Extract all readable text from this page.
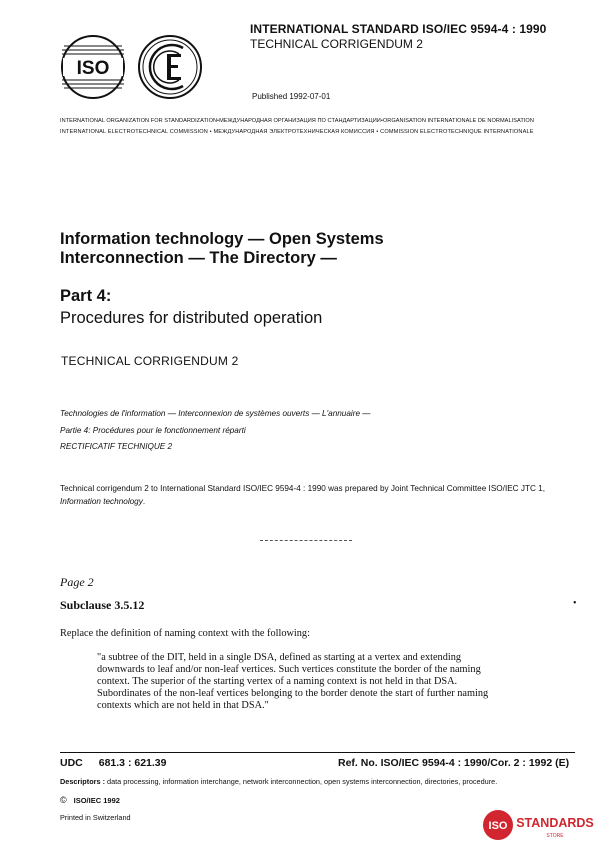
ISO
IEC	INTERNATIONAL STANDARD ISO/IEC 9594-4 : 1990
TECHNICAL CORRIGENDUM 2
Published 1992-07-01
INTERNATIONAL ORGANIZATION FOR STANDARDIZATION•МЕЖДУНАРОДНАЯ ОРГАНИЗАЦИЯ ПО СТАНДАРТИЗАЦИИ•ORGANISATION INTERNATIONALE DE NORMALISATION
INTERNATIONAL ELECTROTECHNICAL COMMISSION • МЕЖДУНАРОДНАЯ ЭЛЕКТРОТЕХНИЧЕСКАЯ КОМИССИЯ • COMMISSION ELECTROTECHNIQUE INTERNATIONALE
Information technology — Open Systems
Interconnection — The Directory —
Part 4:
Procedures for distributed operation
TECHNICAL CORRIGENDUM 2
Technologies de l'information — Interconnexion de systèmes ouverts — L'annuaire —
Partie 4: Procédures pour le fonctionnement réparti
RECTIFICATIF TECHNIQUE 2
Technical corrigendum 2 to International Standard ISO/IEC 9594-4 : 1990 was prepared by Joint Technical Committee ISO/IEC JTC 1, Information technology.
Page 2
Subclause 3.5.12	•
Replace the definition of naming context with the following:
"a subtree of the DIT, held in a single DSA, defined as starting at a vertex and extending
downwards to leaf and/or non-leaf vertices. Such vertices constitute the border of the naming
context. The superior of the starting vertex of a naming context is not held in that DSA.
Subordinates of the non-leaf vertices belonging to the border denote the start of further naming
contexts which are not held in that DSA."
UDC 681.3 : 621.39	Ref. No. ISO/IEC 9594-4 : 1990/Cor. 2 : 1992 (E)
Descriptors : data processing, information interchange, network interconnection, open systems interconnection, directories, procedure.
© ISO/IEC 1992
Printed in Switzerland
ISO STANDARDS
STORE
